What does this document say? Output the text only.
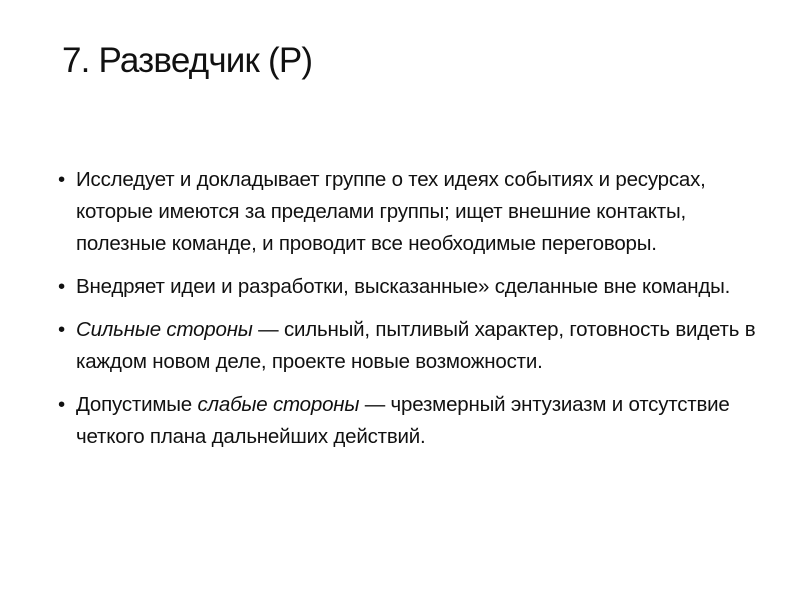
7. Разведчик (Р)
• Исследует и докладывает группе о тех идеях событиях и ресурсах, которые имеются за пределами группы; ищет внешние контакты, полезные команде, и проводит все необходимые переговоры.
• Внедряет идеи и разработки, высказанные» сделанные вне команды.
• Сильные стороны — сильный, пытливый характер, готовность видеть в каждом новом деле, проекте новые возможности.
• Допустимые слабые стороны — чрезмерный энтузиазм и отсутствие четкого плана дальнейших действий.
